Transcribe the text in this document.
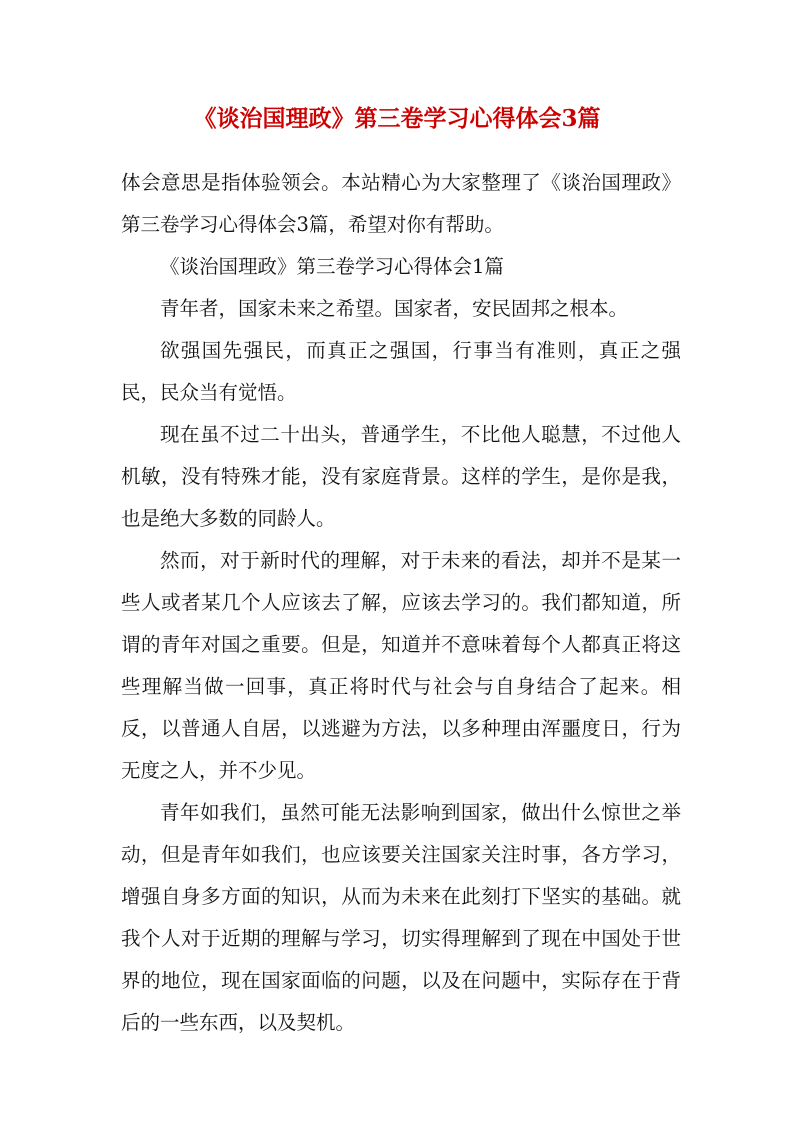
《谈治国理政》第三卷学习心得体会3篇

体会意思是指体验领会。本站精心为大家整理了《谈治国理政》第三卷学习心得体会3篇，希望对你有帮助。

《谈治国理政》第三卷学习心得体会1篇

青年者，国家未来之希望。国家者，安民固邦之根本。

欲强国先强民，而真正之强国，行事当有准则，真正之强民，民众当有觉悟。

现在虽不过二十出头，普通学生，不比他人聪慧，不过他人机敏，没有特殊才能，没有家庭背景。这样的学生，是你是我，也是绝大多数的同龄人。

然而，对于新时代的理解，对于未来的看法，却并不是某一些人或者某几个人应该去了解，应该去学习的。我们都知道，所谓的青年对国之重要。但是，知道并不意味着每个人都真正将这些理解当做一回事，真正将时代与社会与自身结合了起来。相反，以普通人自居，以逃避为方法，以多种理由浑噩度日，行为无度之人，并不少见。

青年如我们，虽然可能无法影响到国家，做出什么惊世之举动，但是青年如我们，也应该要关注国家关注时事，各方学习，增强自身多方面的知识，从而为未来在此刻打下坚实的基础。就我个人对于近期的理解与学习，切实得理解到了现在中国处于世界的地位，现在国家面临的问题，以及在问题中，实际存在于背后的一些东西，以及契机。
